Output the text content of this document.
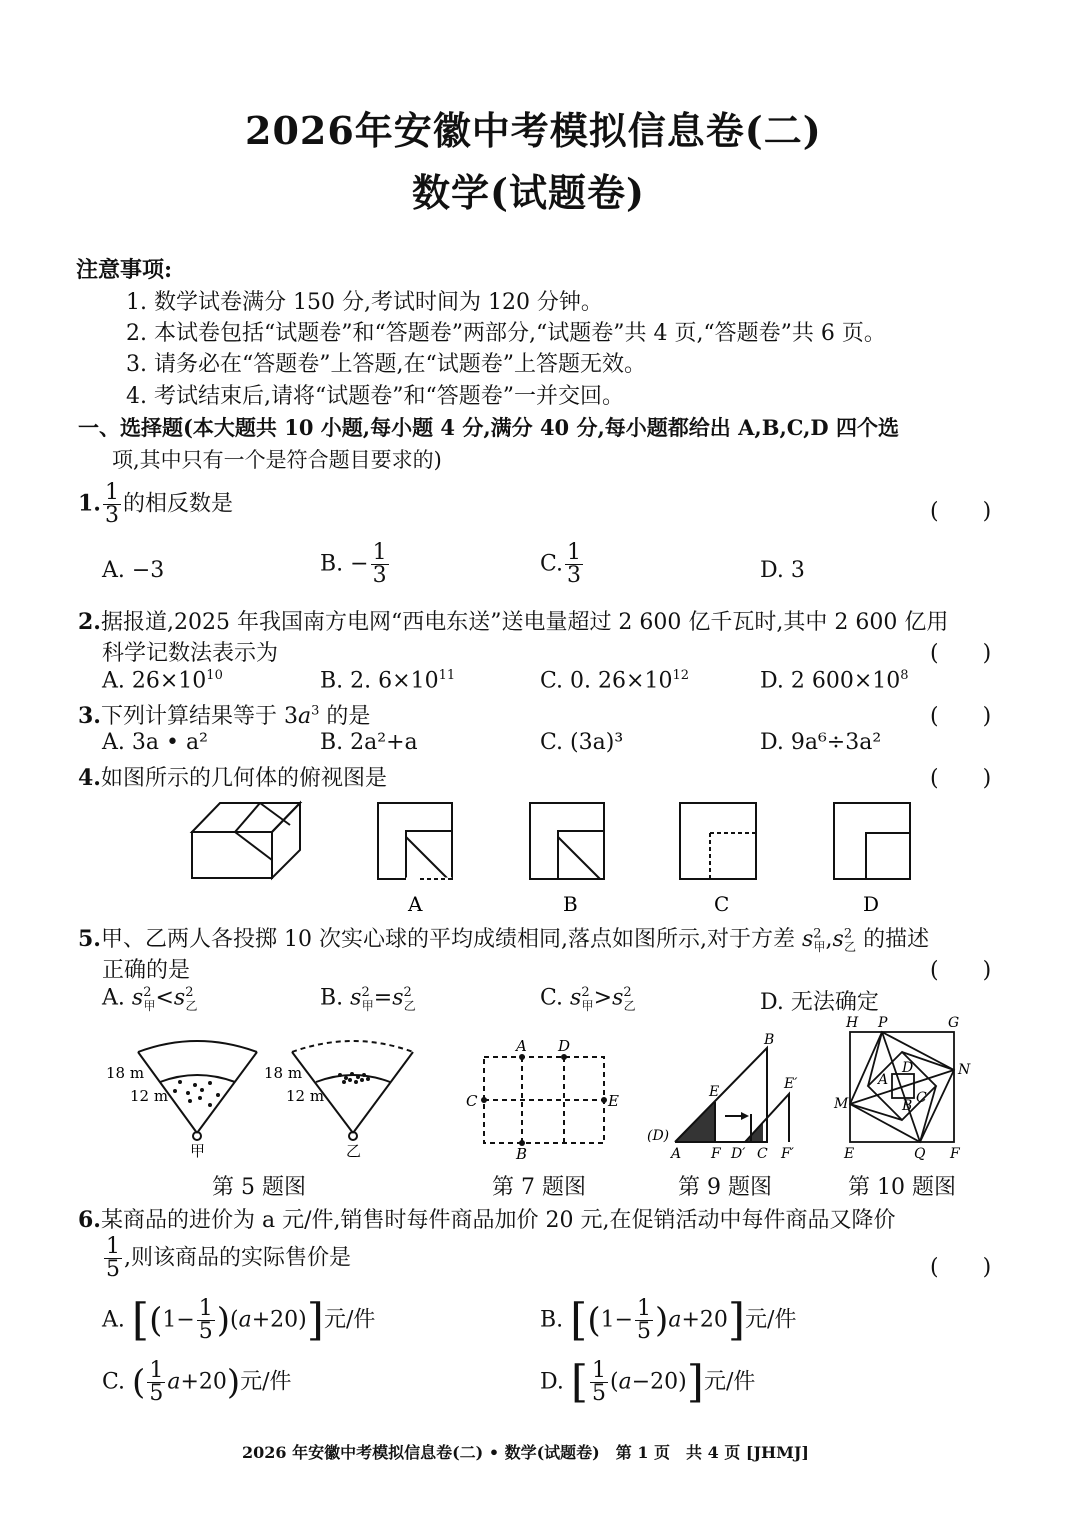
2026年安徽中考模拟信息卷(二)
数学(试题卷)
注意事项:
1. 数学试卷满分 150 分,考试时间为 120 分钟。
2. 本试卷包括“试题卷”和“答题卷”两部分,“试题卷”共 4 页,“答题卷”共 6 页。
3. 请务必在“答题卷”上答题,在“试题卷”上答题无效。
4. 考试结束后,请将“试题卷”和“答题卷”一并交回。
一、选择题(本大题共 10 小题,每小题 4 分,满分 40 分,每小题都给出 A,B,C,D 四个选
项,其中只有一个是符合题目要求的)
1. $\frac{1}{3}$ 的相反数是	(　　)
A. −3	B. − $\frac{1}{3}$	C. $\frac{1}{3}$	D. 3
2.据报道,2025 年我国南方电网“西电东送”送电量超过 2 600 亿千瓦时,其中 2 600 亿用
科学记数法表示为	(　　)
A. $26\times 10^{10}$	B. 2. $6\times 10^{11}$	C. 0. $26\times 10^{12}$	D. 2 $600\times 10^8$
3.下列计算结果等于 $3a^3$ 的是	(　　)
A. 3a • a²	B. 2a²+a	C. (3a)³	D. 9a⁶÷3a²
4.如图所示的几何体的俯视图是	(　　)
A	B	C	D
5.甲、乙两人各投掷 10 次实心球的平均成绩相同,落点如图所示,对于方差 $s^2_甲,s^2_乙$ 的描述
正确的是	(　　)
A. $s^2_甲<s^2_乙$	B. $s^2_甲=s^2_乙$	C. $s^2_甲>s^2_乙$	D. 无法确定
18 m
12 m
甲
18 m
12 m
乙
第 5 题图
A D
C	E
B
第 7 题图
B
E	E′
(D)
A F D′ C F′
第 9 题图
H P	G
N
M
A
D
B C
E	Q F
第 10 题图
6.某商品的进价为 a 元/件,销售时每件商品加价 20 元,在促销活动中每件商品又降价
$\frac{1}{5}$ ,则该商品的实际售价是	(　　)
A. $[(1- \frac{1}{5} )(a+20)]$元/件	B. $[(1- \frac{1}{5} )a+20]$元/件
C. ( $\frac{1}{5} a+20$)元/件	D. [ $\frac{1}{5} (a-20)$]元/件
2026 年安徽中考模拟信息卷(二) • 数学(试题卷)　第 1 页　共 4 页 [JHMJ]
